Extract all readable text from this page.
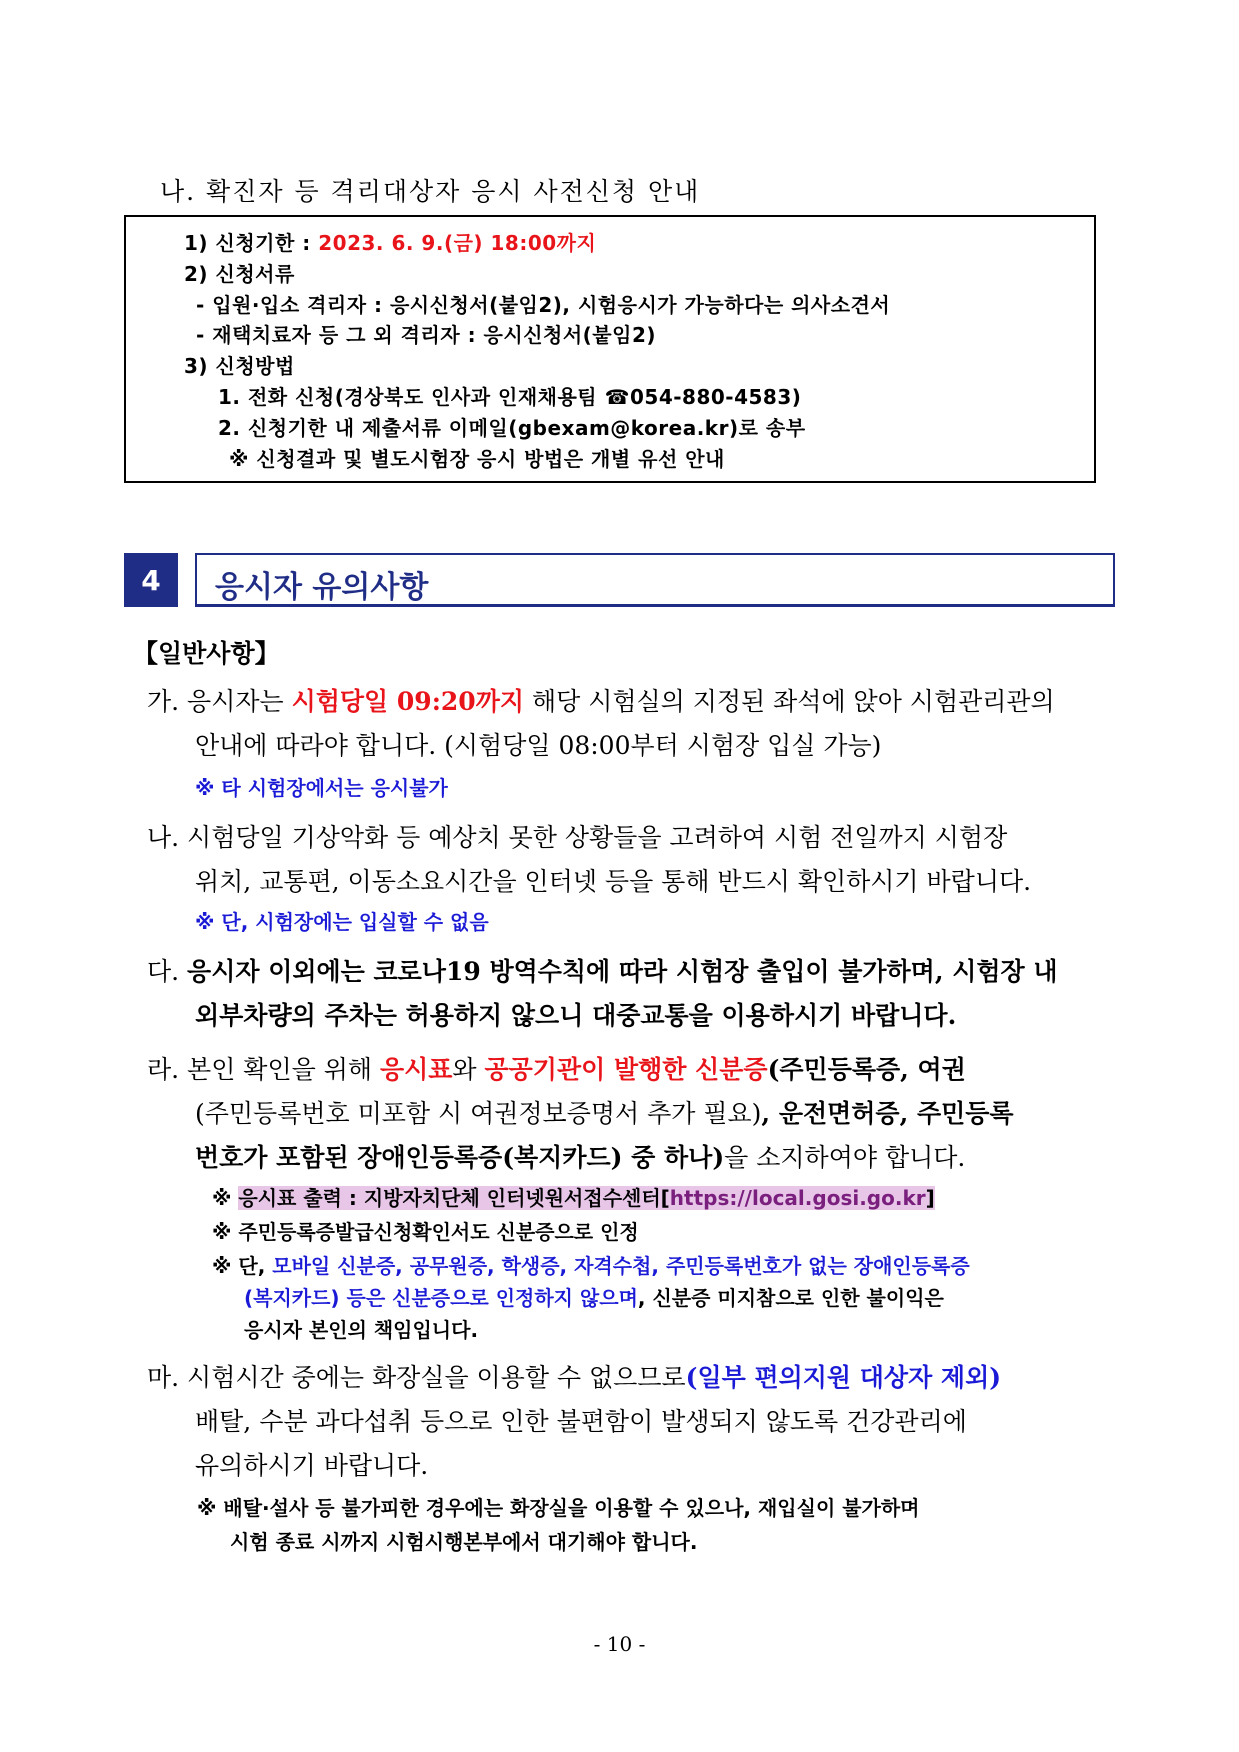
나. 확진자 등 격리대상자 응시 사전신청 안내
1) 신청기한 : 2023. 6. 9.(금) 18:00까지
2) 신청서류
- 입원·입소 격리자 : 응시신청서(붙임2), 시험응시가 가능하다는 의사소견서
- 재택치료자 등 그 외 격리자 : 응시신청서(붙임2)
3) 신청방법
1. 전화 신청(경상북도 인사과 인재채용팀 ☎054-880-4583)
2. 신청기한 내 제출서류 이메일(gbexam@korea.kr)로 송부
※ 신청결과 및 별도시험장 응시 방법은 개별 유선 안내
4	응시자 유의사항
【일반사항】
가. 응시자는 시험당일 09:20까지 해당 시험실의 지정된 좌석에 앉아 시험관리관의
안내에 따라야 합니다. (시험당일 08:00부터 시험장 입실 가능)
※ 타 시험장에서는 응시불가
나. 시험당일 기상악화 등 예상치 못한 상황들을 고려하여 시험 전일까지 시험장
위치, 교통편, 이동소요시간을 인터넷 등을 통해 반드시 확인하시기 바랍니다.
※ 단, 시험장에는 입실할 수 없음
다. 응시자 이외에는 코로나19 방역수칙에 따라 시험장 출입이 불가하며, 시험장 내
외부차량의 주차는 허용하지 않으니 대중교통을 이용하시기 바랍니다.
라. 본인 확인을 위해 응시표와 공공기관이 발행한 신분증(주민등록증, 여권
(주민등록번호 미포함 시 여권정보증명서 추가 필요), 운전면허증, 주민등록
번호가 포함된 장애인등록증(복지카드) 중 하나)을 소지하여야 합니다.
※ 응시표 출력 : 지방자치단체 인터넷원서접수센터[https://local.gosi.go.kr]
※ 주민등록증발급신청확인서도 신분증으로 인정
※ 단, 모바일 신분증, 공무원증, 학생증, 자격수첩, 주민등록번호가 없는 장애인등록증
(복지카드) 등은 신분증으로 인정하지 않으며, 신분증 미지참으로 인한 불이익은
응시자 본인의 책임입니다.
마. 시험시간 중에는 화장실을 이용할 수 없으므로(일부 편의지원 대상자 제외)
배탈, 수분 과다섭취 등으로 인한 불편함이 발생되지 않도록 건강관리에
유의하시기 바랍니다.
※ 배탈·설사 등 불가피한 경우에는 화장실을 이용할 수 있으나, 재입실이 불가하며
시험 종료 시까지 시험시행본부에서 대기해야 합니다.
- 10 -
